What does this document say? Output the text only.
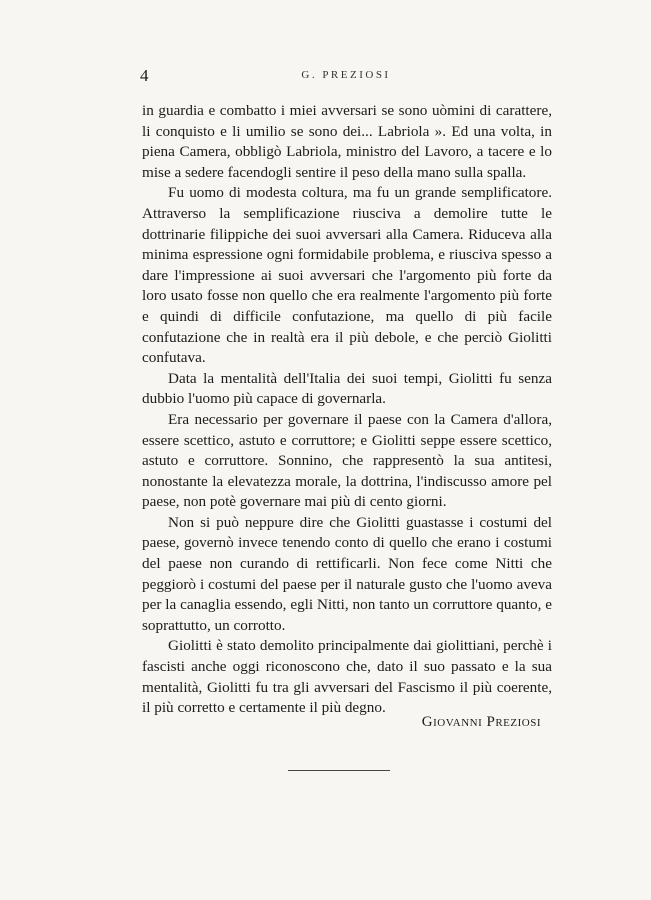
4	G. PREZIOSI

in guardia e combatto i miei avversari se sono uòmini di carattere, li conquisto e li umilio se sono dei... Labriola ». Ed una volta, in piena Camera, obbligò Labriola, ministro del Lavoro, a tacere e lo mise a sedere facendogli sentire il peso della mano sulla spalla.

Fu uomo di modesta coltura, ma fu un grande semplificatore. Attraverso la semplificazione riusciva a demolire tutte le dottrinarie filippiche dei suoi avversari alla Camera. Riduceva alla minima espressione ogni formidabile problema, e riusciva spesso a dare l'impressione ai suoi avversari che l'argomento più forte da loro usato fosse non quello che era realmente l'argomento più forte e quindi di difficile confutazione, ma quello di più facile confutazione che in realtà era il più debole, e che perciò Giolitti confutava.

Data la mentalità dell'Italia dei suoi tempi, Giolitti fu senza dubbio l'uomo più capace di governarla.

Era necessario per governare il paese con la Camera d'allora, essere scettico, astuto e corruttore; e Giolitti seppe essere scettico, astuto e corruttore. Sonnino, che rappresentò la sua antitesi, nonostante la elevatezza morale, la dottrina, l'indiscusso amore pel paese, non potè governare mai più di cento giorni.

Non si può neppure dire che Giolitti guastasse i costumi del paese, governò invece tenendo conto di quello che erano i costumi del paese non curando di rettificarli. Non fece come Nitti che peggiorò i costumi del paese per il naturale gusto che l'uomo aveva per la canaglia essendo, egli Nitti, non tanto un corruttore quanto, e soprattutto, un corrotto.

Giolitti è stato demolito principalmente dai giolittiani, perchè i fascisti anche oggi riconoscono che, dato il suo passato e la sua mentalità, Giolitti fu tra gli avversari del Fascismo il più coerente, il più corretto e certamente il più degno.

Giovanni Preziosi
